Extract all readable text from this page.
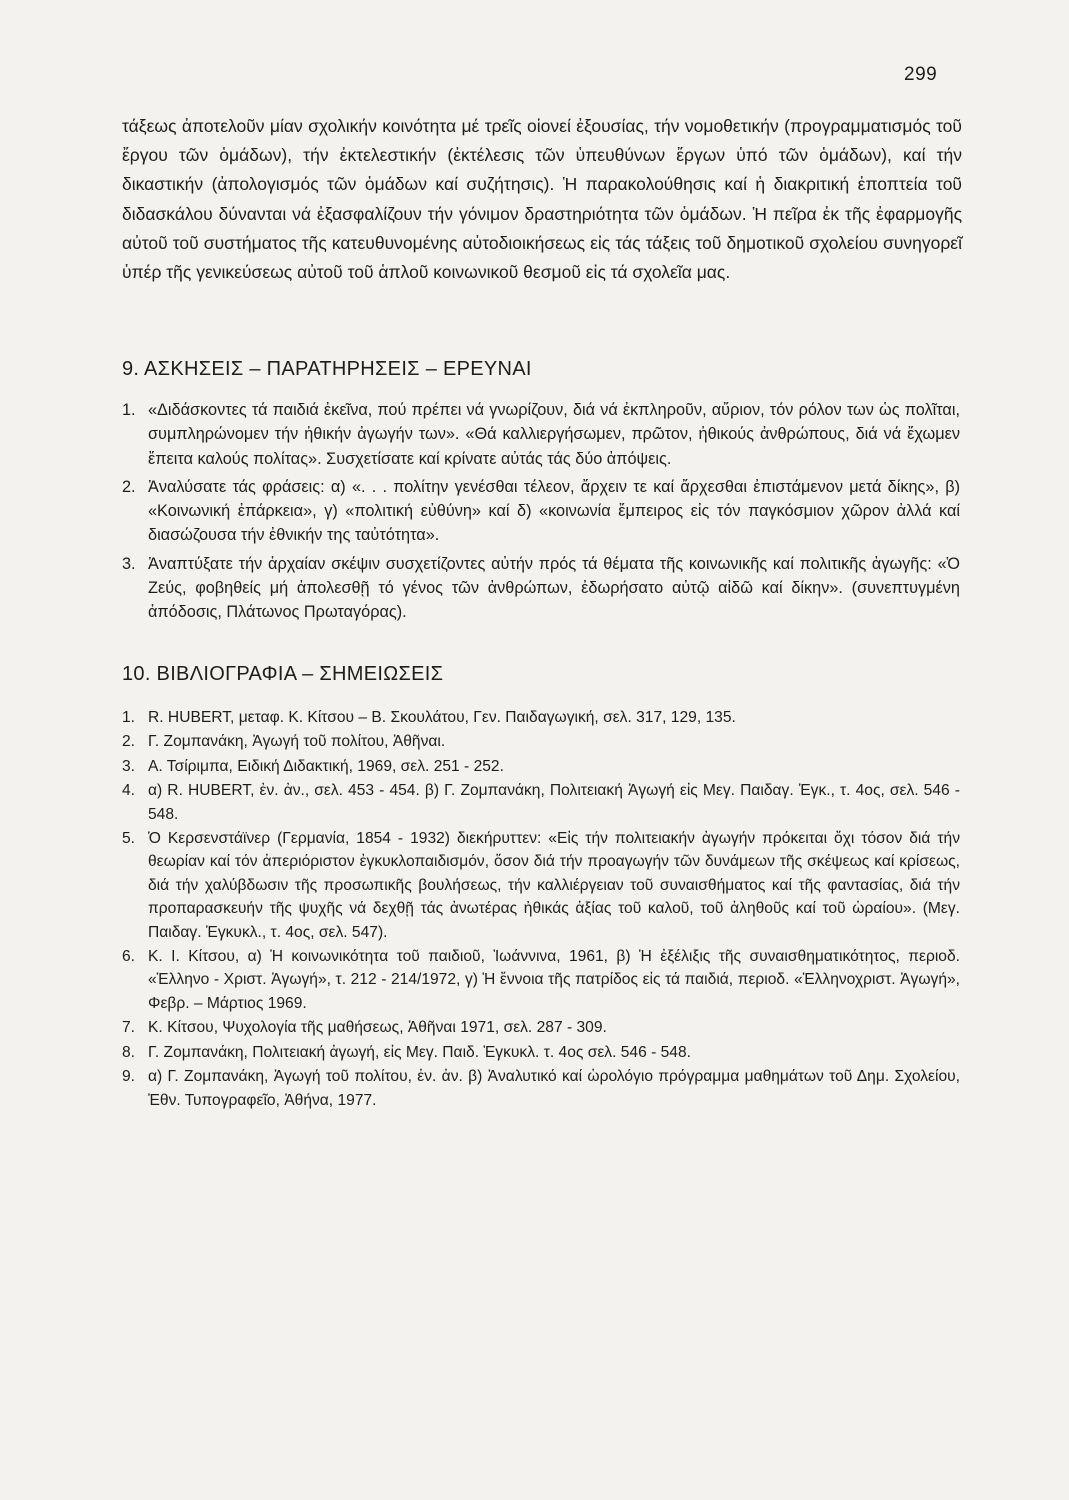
299

τάξεως ἀποτελοῦν μίαν σχολικήν κοινότητα μέ τρεῖς οἱονεί ἐξουσίας, τήν νομοθετικήν (προγραμματισμός τοῦ ἔργου τῶν ὁμάδων), τήν ἐκτελεστικήν (ἐκτέλεσις τῶν ὑπευθύνων ἔργων ὑπό τῶν ὁμάδων), καί τήν δικαστικήν (ἀπολογισμός τῶν ὁμάδων καί συζήτησις). Ἡ παρακολούθησις καί ἡ διακριτική ἐποπτεία τοῦ διδασκάλου δύνανται νά ἐξασφαλίζουν τήν γόνιμον δραστηριότητα τῶν ὁμάδων. Ἡ πεῖρα ἐκ τῆς ἐφαρμογῆς αὐτοῦ τοῦ συστήματος τῆς κατευθυνομένης αὐτοδιοικήσεως εἰς τάς τάξεις τοῦ δημοτικοῦ σχολείου συνηγορεῖ ὑπέρ τῆς γενικεύσεως αὐτοῦ τοῦ ἁπλοῦ κοινωνικοῦ θεσμοῦ εἰς τά σχολεῖα μας.

9. ΑΣΚΗΣΕΙΣ – ΠΑΡΑΤΗΡΗΣΕΙΣ – ΕΡΕΥΝΑΙ
1. «Διδάσκοντες τά παιδιά ἐκεῖνα, πού πρέπει νά γνωρίζουν, διά νά ἐκπληροῦν, αὔριον, τόν ρόλον των ὡς πολῖται, συμπληρώνομεν τήν ἠθικήν ἀγωγήν των». «Θά καλλιεργήσωμεν, πρῶτον, ἠθικούς ἀνθρώπους, διά νά ἔχωμεν ἔπειτα καλούς πολίτας». Συσχετίσατε καί κρίνατε αὐτάς τάς δύο ἀπόψεις.
2. Ἀναλύσατε τάς φράσεις: α) «. . . πολίτην γενέσθαι τέλεον, ἄρχειν τε καί ἄρχεσθαι ἐπιστάμενον μετά δίκης», β) «Κοινωνική ἐπάρκεια», γ) «πολιτική εὐθύνη» καί δ) «κοινωνία ἔμπειρος εἰς τόν παγκόσμιον χῶρον ἀλλά καί διασώζουσα τήν ἐθνικήν της ταὐτότητα».
3. Ἀναπτύξατε τήν ἀρχαίαν σκέψιν συσχετίζοντες αὐτήν πρός τά θέματα τῆς κοινωνικῆς καί πολιτικῆς ἀγωγῆς: «Ὁ Ζεύς, φοβηθείς μή ἀπολεσθῇ τό γένος τῶν ἀνθρώπων, ἐδωρήσατο αὐτῷ αἰδῶ καί δίκην». (συνεπτυγμένη ἀπόδοσις, Πλάτωνος Πρωταγόρας).
10. ΒΙΒΛΙΟΓΡΑΦΙΑ – ΣΗΜΕΙΩΣΕΙΣ
1. R. HUBERT, μεταφ. Κ. Κίτσου – Β. Σκουλάτου, Γεν. Παιδαγωγική, σελ. 317, 129, 135.
2. Γ. Ζομπανάκη, Ἀγωγή τοῦ πολίτου, Ἀθῆναι.
3. Α. Τσίριμπα, Ειδική Διδακτική, 1969, σελ. 251 - 252.
4. α) R. HUBERT, ἐν. ἀν., σελ. 453 - 454. β) Γ. Ζομπανάκη, Πολιτειακή Ἀγωγή εἰς Μεγ. Παιδαγ. Ἐγκ., τ. 4ος, σελ. 546 - 548.
5. Ὁ Κερσενστάϊνερ (Γερμανία, 1854 - 1932) διεκήρυττεν: «Εἰς τήν πολιτειακήν ἀγωγήν πρόκειται ὄχι τόσον διά τήν θεωρίαν καί τόν ἀπεριόριστον ἐγκυκλοπαιδισμόν, ὅσον διά τήν προαγωγήν τῶν δυνάμεων τῆς σκέψεως καί κρίσεως, διά τήν χαλύβδωσιν τῆς προσωπικῆς βουλήσεως, τήν καλλιέργειαν τοῦ συναισθήματος καί τῆς φαντασίας, διά τήν προπαρασκευήν τῆς ψυχῆς νά δεχθῇ τάς ἀνωτέρας ἠθικάς ἀξίας τοῦ καλοῦ, τοῦ ἀληθοῦς καί τοῦ ὡραίου». (Μεγ. Παιδαγ. Ἐγκυκλ., τ. 4ος, σελ. 547).
6. Κ. Ι. Κίτσου, α) Ἡ κοινωνικότητα τοῦ παιδιοῦ, Ἰωάννινα, 1961, β) Ἡ ἐξέλιξις τῆς συναισθηματικότητος, περιοδ. «Ἑλληνο - Χριστ. Ἀγωγή», τ. 212 - 214/1972, γ) Ἡ ἔννοια τῆς πατρίδος εἰς τά παιδιά, περιοδ. «Ἑλληνοχριστ. Ἀγωγή», Φεβρ. – Μάρτιος 1969.
7. Κ. Κίτσου, Ψυχολογία τῆς μαθήσεως, Ἀθῆναι 1971, σελ. 287 - 309.
8. Γ. Ζομπανάκη, Πολιτειακή ἀγωγή, εἰς Μεγ. Παιδ. Ἐγκυκλ. τ. 4ος σελ. 546 - 548.
9. α) Γ. Ζομπανάκη, Ἀγωγή τοῦ πολίτου, ἐν. ἀν. β) Ἀναλυτικό καί ὡρολόγιο πρόγραμμα μαθημάτων τοῦ Δημ. Σχολείου, Ἐθν. Τυπογραφεῖο, Ἀθήνα, 1977.
